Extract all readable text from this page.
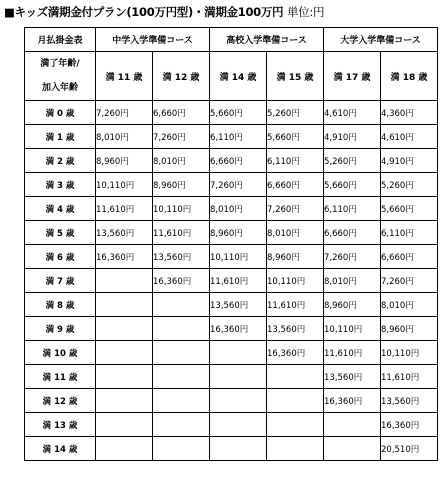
■キッズ満期金付プラン(100万円型)・満期金100万円 単位:円
月払掛金表	中学入学準備コース		高校入学準備コース		大学入学準備コース	

満了年齢/
加入年齢	満 11 歳	満 12 歳	満 14 歳	満 15 歳	満 17 歳	満 18 歳
満 0 歳	7,260円	6,660円	5,660円	5,260円	4,610円	4,360円
満 1 歳	8,010円	7,260円	6,110円	5,660円	4,910円	4,610円
満 2 歳	8,960円	8,010円	6,660円	6,110円	5,260円	4,910円
満 3 歳	10,110円	8,960円	7,260円	6,660円	5,660円	5,260円
満 4 歳	11,610円	10,110円	8,010円	7,260円	6,110円	5,660円
満 5 歳	13,560円	11,610円	8,960円	8,010円	6,660円	6,110円
満 6 歳	16,360円	13,560円	10,110円	8,960円	7,260円	6,660円
満 7 歳		16,360円	11,610円	10,110円	8,010円	7,260円
満 8 歳			13,560円	11,610円	8,960円	8,010円
満 9 歳			16,360円	13,560円	10,110円	8,960円
満 10 歳				16,360円	11,610円	10,110円
満 11 歳					13,560円	11,610円
満 12 歳					16,360円	13,560円
満 13 歳						16,360円
満 14 歳						20,510円
